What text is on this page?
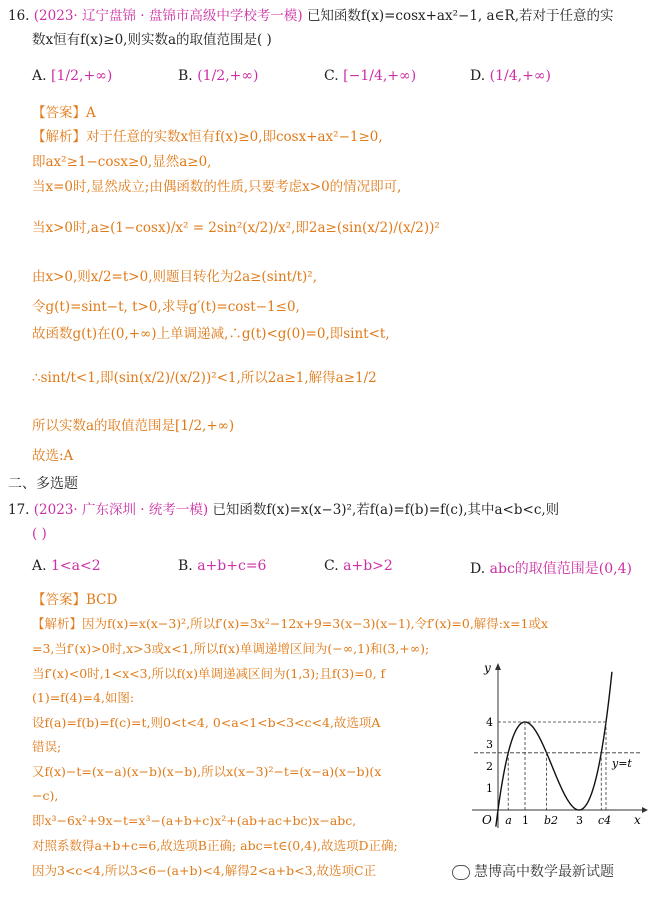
16. (2023· 辽宁盘锦 · 盘锦市高级中学校考一模) 已知函数f(x)=cosx+ax²−1, a∈R,若对于任意的实
数x恒有f(x)≥0,则实数a的取值范围是( )
A. [1/2,+∞)	B. (1/2,+∞)	C. [−1/4,+∞)	D. (1/4,+∞)
【答案】A
【解析】对于任意的实数x恒有f(x)≥0,即cosx+ax²−1≥0,
即ax²≥1−cosx≥0,显然a≥0,
当x=0时,显然成立;由偶函数的性质,只要考虑x>0的情况即可,
当x>0时,a≥(1−cosx)/x² = 2sin²(x/2)/x²,即2a≥(sin(x/2)/(x/2))²
由x>0,则x/2=t>0,则题目转化为2a≥(sint/t)²,
令g(t)=sint−t, t>0,求导g′(t)=cost−1≤0,
故函数g(t)在(0,+∞)上单调递减,∴g(t)<g(0)=0,即sint<t,
∴sint/t<1,即(sin(x/2)/(x/2))²<1,所以2a≥1,解得a≥1/2
所以实数a的取值范围是[1/2,+∞)
故选:A
二、多选题
17. (2023· 广东深圳 · 统考一模) 已知函数f(x)=x(x−3)²,若f(a)=f(b)=f(c),其中a<b<c,则
( )
A. 1<a<2	B. a+b+c=6	C. a+b>2	D. abc的取值范围是(0,4)
【答案】BCD
【解析】因为f(x)=x(x−3)²,所以f′(x)=3x²−12x+9=3(x−3)(x−1),令f′(x)=0,解得:x=1或x
=3,当f′(x)>0时,x>3或x<1,所以f(x)单调递增区间为(−∞,1)和(3,+∞);
当f′(x)<0时,1<x<3,所以f(x)单调递减区间为(1,3);且f(3)=0, f
(1)=f(4)=4,如图:
设f(a)=f(b)=f(c)=t,则0<t<4, 0<a<1<b<3<c<4,故选项A
错误;
又f(x)−t=(x−a)(x−b)(x−b),所以x(x−3)²−t=(x−a)(x−b)(x
−c),
即x³−6x²+9x−t=x³−(a+b+c)x²+(ab+ac+bc)x−abc,
对照系数得a+b+c=6,故选项B正确; abc=t∈(0,4),故选项D正确;
因为3<c<4,所以3<6−(a+b)<4,解得2<a+b<3,故选项C正
y
x
O
y=t
4
3
2
1
a 1 b2 3 c4
慧博高中数学最新试题
